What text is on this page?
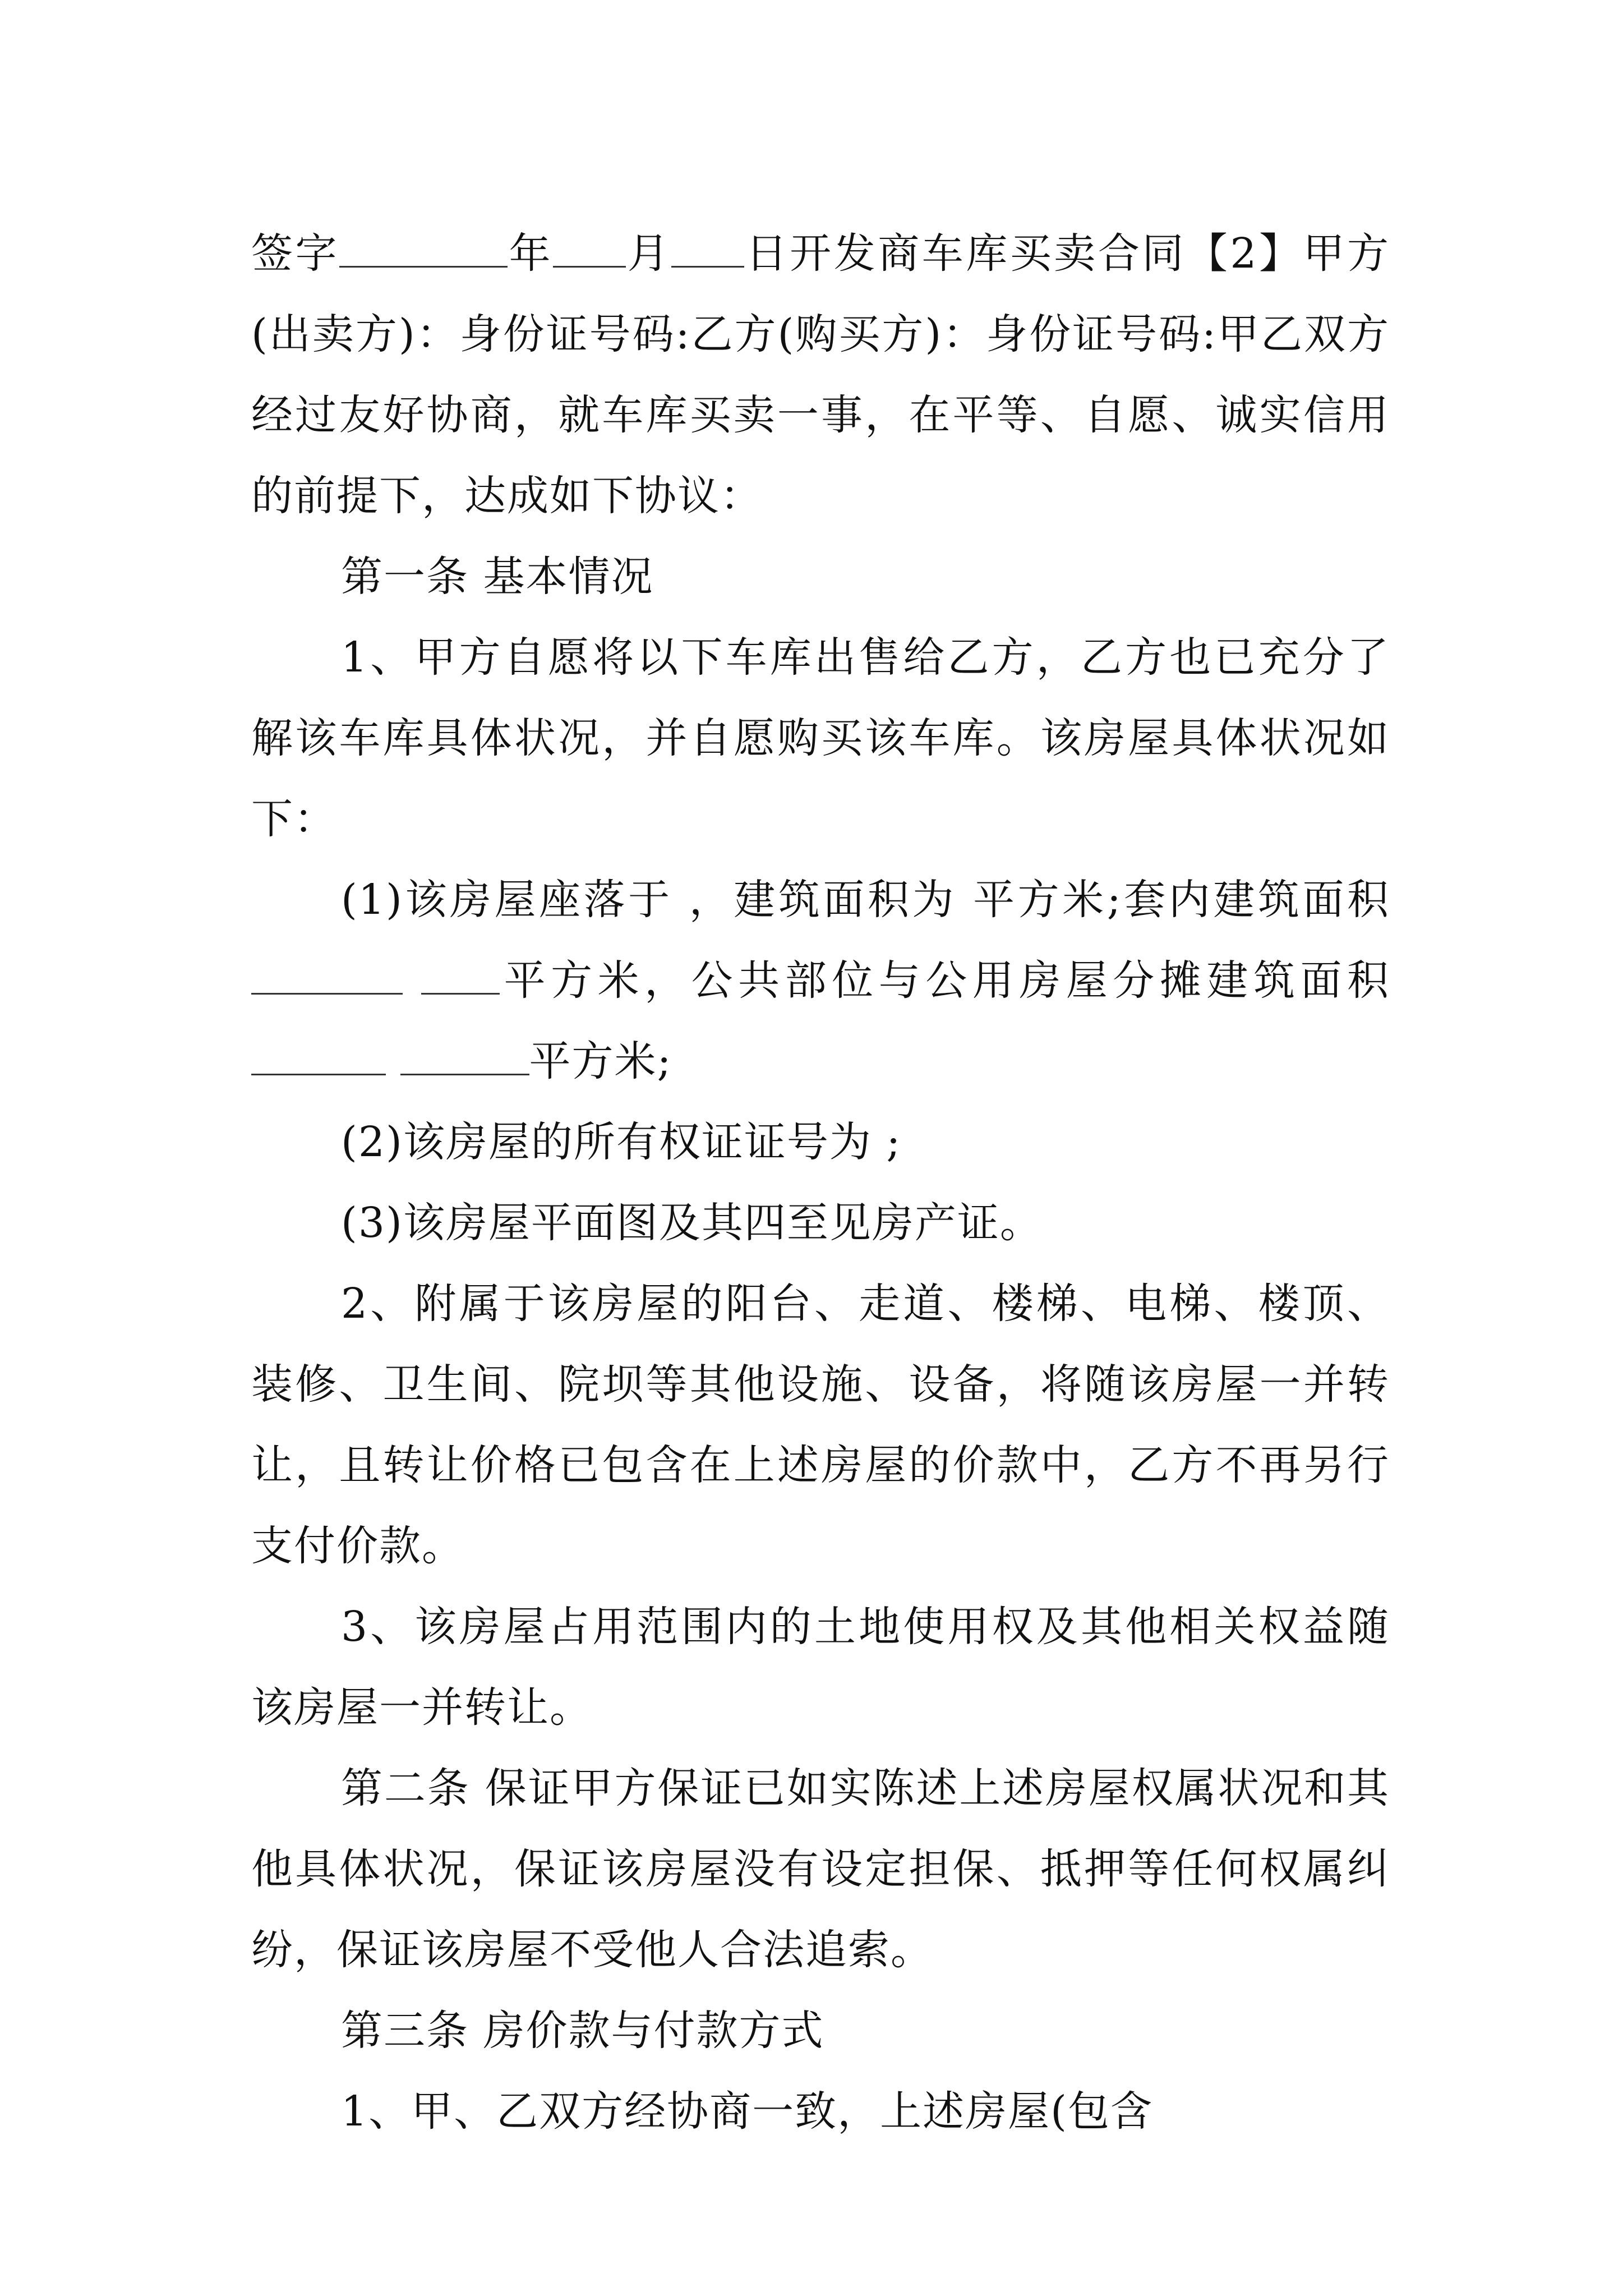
签字	年 月 日开发商车库买卖合同【2】甲方(出卖方)：身份证号码:乙方(购买方)：身份证号码:甲乙双方经过友好协商，就车库买卖一事，在平等、自愿、诚实信用的前提下，达成如下协议：

第一条 基本情况

1、甲方自愿将以下车库出售给乙方，乙方也已充分了解该车库具体状况，并自愿购买该车库。该房屋具体状况如下：

(1)该房屋座落于 ，建筑面积为 平方米;套内建筑面积 平方米，公共部位与公用房屋分摊建筑面积 平方米;

(2)该房屋的所有权证证号为 ;

(3)该房屋平面图及其四至见房产证。

2、附属于该房屋的阳台、走道、楼梯、电梯、楼顶、装修、卫生间、院坝等其他设施、设备，将随该房屋一并转让，且转让价格已包含在上述房屋的价款中，乙方不再另行支付价款。

3、该房屋占用范围内的土地使用权及其他相关权益随该房屋一并转让。

第二条 保证甲方保证已如实陈述上述房屋权属状况和其他具体状况，保证该房屋没有设定担保、抵押等任何权属纠纷，保证该房屋不受他人合法追索。

第三条 房价款与付款方式

1、甲、乙双方经协商一致，上述房屋(包含
